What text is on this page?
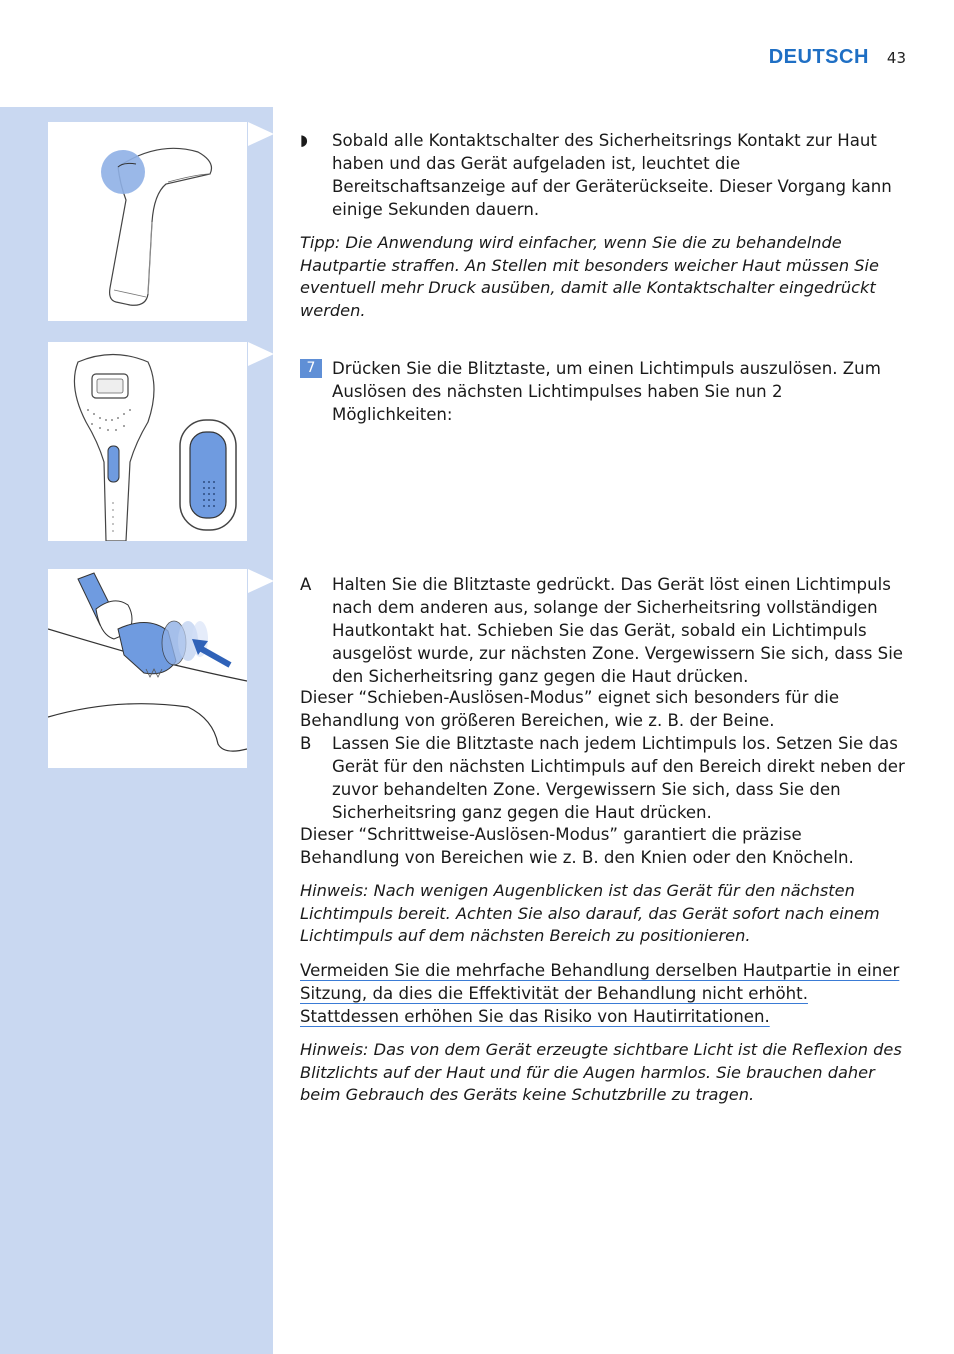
DEUTSCH 43
◗ Sobald alle Kontaktschalter des Sicherheitsrings Kontakt zur Haut haben und das Gerät aufgeladen ist, leuchtet die Bereitschaftsanzeige auf der Geräterückseite. Dieser Vorgang kann einige Sekunden dauern.

Tipp: Die Anwendung wird einfacher, wenn Sie die zu behandelnde Hautpartie straffen. An Stellen mit besonders weicher Haut müssen Sie eventuell mehr Druck ausüben, damit alle Kontaktschalter eingedrückt werden.

7 Drücken Sie die Blitztaste, um einen Lichtimpuls auszulösen. Zum Auslösen des nächsten Lichtimpulses haben Sie nun 2 Möglichkeiten:
A Halten Sie die Blitztaste gedrückt. Das Gerät löst einen Lichtimpuls nach dem anderen aus, solange der Sicherheitsring vollständigen Hautkontakt hat. Schieben Sie das Gerät, sobald ein Lichtimpuls ausgelöst wurde, zur nächsten Zone. Vergewissern Sie sich, dass Sie den Sicherheitsring ganz gegen die Haut drücken.

Dieser “Schieben-Auslösen-Modus” eignet sich besonders für die Behandlung von größeren Bereichen, wie z. B. der Beine.

B Lassen Sie die Blitztaste nach jedem Lichtimpuls los. Setzen Sie das Gerät für den nächsten Lichtimpuls auf den Bereich direkt neben der zuvor behandelten Zone. Vergewissern Sie sich, dass Sie den Sicherheitsring ganz gegen die Haut drücken.

Dieser “Schrittweise-Auslösen-Modus” garantiert die präzise Behandlung von Bereichen wie z. B. den Knien oder den Knöcheln.

Hinweis: Nach wenigen Augenblicken ist das Gerät für den nächsten Lichtimpuls bereit. Achten Sie also darauf, das Gerät sofort nach einem Lichtimpuls auf dem nächsten Bereich zu positionieren.

Vermeiden Sie die mehrfache Behandlung derselben Hautpartie in einer Sitzung, da dies die Effektivität der Behandlung nicht erhöht. Stattdessen erhöhen Sie das Risiko von Hautirritationen.

Hinweis: Das von dem Gerät erzeugte sichtbare Licht ist die Reflexion des Blitzlichts auf der Haut und für die Augen harmlos. Sie brauchen daher beim Gebrauch des Geräts keine Schutzbrille zu tragen.
